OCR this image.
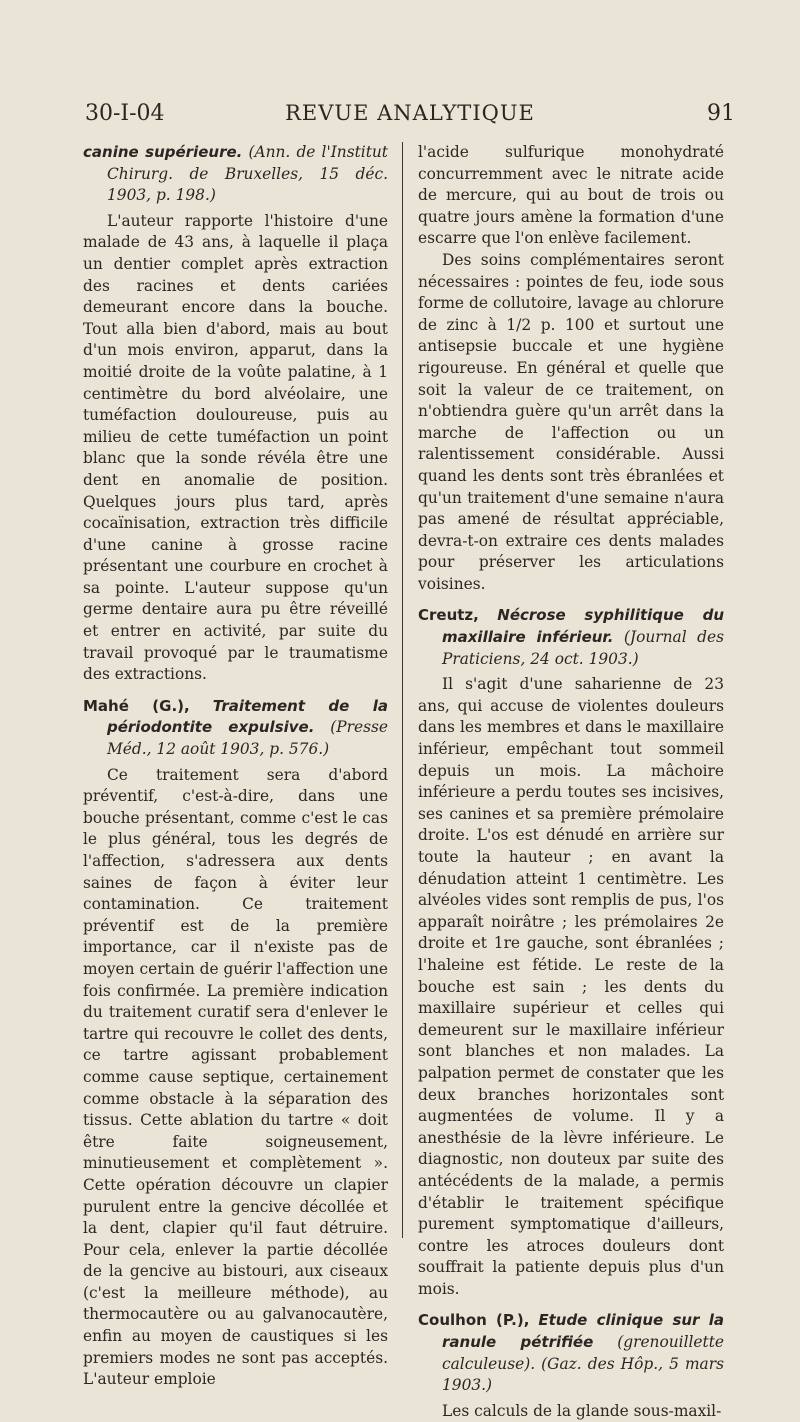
30-I-04	REVUE ANALYTIQUE	91
canine supérieure. (Ann. de l'Institut Chirurg. de Bruxelles, 15 déc. 1903, p. 198.)

L'auteur rapporte l'histoire d'une malade de 43 ans, à laquelle il plaça un dentier complet après extraction des racines et dents cariées demeurant encore dans la bouche. Tout alla bien d'abord, mais au bout d'un mois environ, apparut, dans la moitié droite de la voûte palatine, à 1 centimètre du bord alvéolaire, une tuméfaction douloureuse, puis au milieu de cette tuméfaction un point blanc que la sonde révéla être une dent en anomalie de position. Quelques jours plus tard, après cocaïnisation, extraction très difficile d'une canine à grosse racine présentant une courbure en crochet à sa pointe. L'auteur suppose qu'un germe dentaire aura pu être réveillé et entrer en activité, par suite du travail provoqué par le traumatisme des extractions.

Mahé (G.), Traitement de la périodontite expulsive. (Presse Méd., 12 août 1903, p. 576.)

Ce traitement sera d'abord préventif, c'est-à-dire, dans une bouche présentant, comme c'est le cas le plus général, tous les degrés de l'affection, s'adressera aux dents saines de façon à éviter leur contamination. Ce traitement préventif est de la première importance, car il n'existe pas de moyen certain de guérir l'affection une fois confirmée. La première indication du traitement curatif sera d'enlever le tartre qui recouvre le collet des dents, ce tartre agissant probablement comme cause septique, certainement comme obstacle à la séparation des tissus. Cette ablation du tartre « doit être faite soigneusement, minutieusement et complètement ». Cette opération découvre un clapier purulent entre la gencive décollée et la dent, clapier qu'il faut détruire. Pour cela, enlever la partie décollée de la gencive au bistouri, aux ciseaux (c'est la meilleure méthode), au thermocautère ou au galvanocautère, enfin au moyen de caustiques si les premiers modes ne sont pas acceptés. L'auteur emploie

l'acide sulfurique monohydraté concurremment avec le nitrate acide de mercure, qui au bout de trois ou quatre jours amène la formation d'une escarre que l'on enlève facilement.

Des soins complémentaires seront nécessaires : pointes de feu, iode sous forme de collutoire, lavage au chlorure de zinc à 1/2 p. 100 et surtout une antisepsie buccale et une hygiène rigoureuse. En général et quelle que soit la valeur de ce traitement, on n'obtiendra guère qu'un arrêt dans la marche de l'affection ou un ralentissement considérable. Aussi quand les dents sont très ébranlées et qu'un traitement d'une semaine n'aura pas amené de résultat appréciable, devra-t-on extraire ces dents malades pour préserver les articulations voisines.

Creutz, Nécrose syphilitique du maxillaire inférieur. (Journal des Praticiens, 24 oct. 1903.)

Il s'agit d'une saharienne de 23 ans, qui accuse de violentes douleurs dans les membres et dans le maxillaire inférieur, empêchant tout sommeil depuis un mois. La mâchoire inférieure a perdu toutes ses incisives, ses canines et sa première prémolaire droite. L'os est dénudé en arrière sur toute la hauteur ; en avant la dénudation atteint 1 centimètre. Les alvéoles vides sont remplis de pus, l'os apparaît noirâtre ; les prémolaires 2e droite et 1re gauche, sont ébranlées ; l'haleine est fétide. Le reste de la bouche est sain ; les dents du maxillaire supérieur et celles qui demeurent sur le maxillaire inférieur sont blanches et non malades. La palpation permet de constater que les deux branches horizontales sont augmentées de volume. Il y a anesthésie de la lèvre inférieure. Le diagnostic, non douteux par suite des antécédents de la malade, a permis d'établir le traitement spécifique purement symptomatique d'ailleurs, contre les atroces douleurs dont souffrait la patiente depuis plus d'un mois.

Coulhon (P.), Etude clinique sur la ranule pétrifiée (grenouillette calculeuse). (Gaz. des Hôp., 5 mars 1903.)

Les calculs de la glande sous-maxil-
